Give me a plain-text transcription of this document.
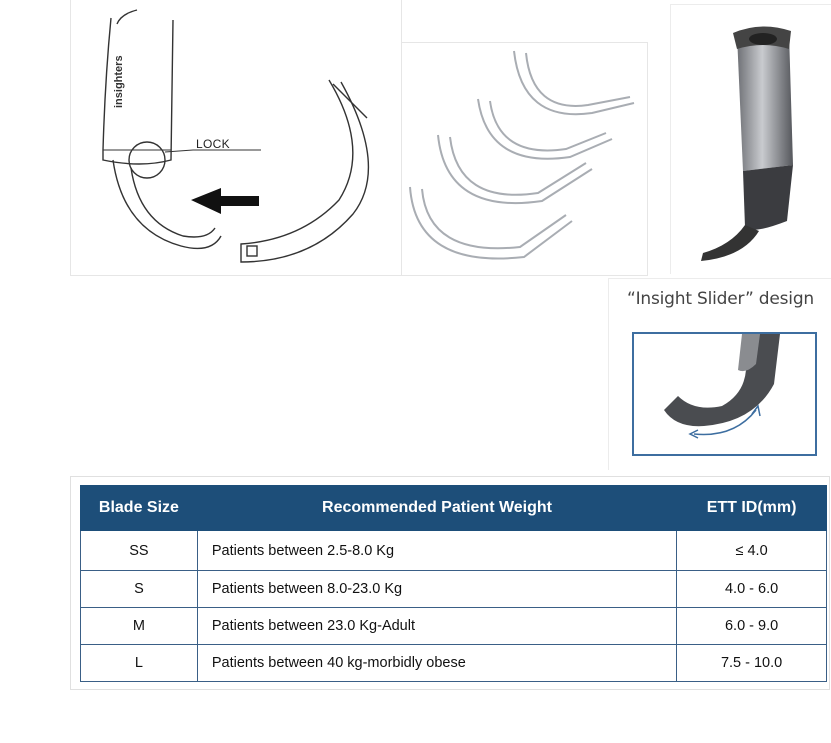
insighters
LOCK
“Insight Slider” design
Blade Size	Recommended Patient Weight	ETT ID(mm)
SS	Patients between 2.5-8.0 Kg	≤ 4.0
S	Patients between 8.0-23.0 Kg	4.0 - 6.0
M	Patients between 23.0 Kg-Adult	6.0 - 9.0
L	Patients between 40 kg-morbidly obese	7.5 - 10.0
